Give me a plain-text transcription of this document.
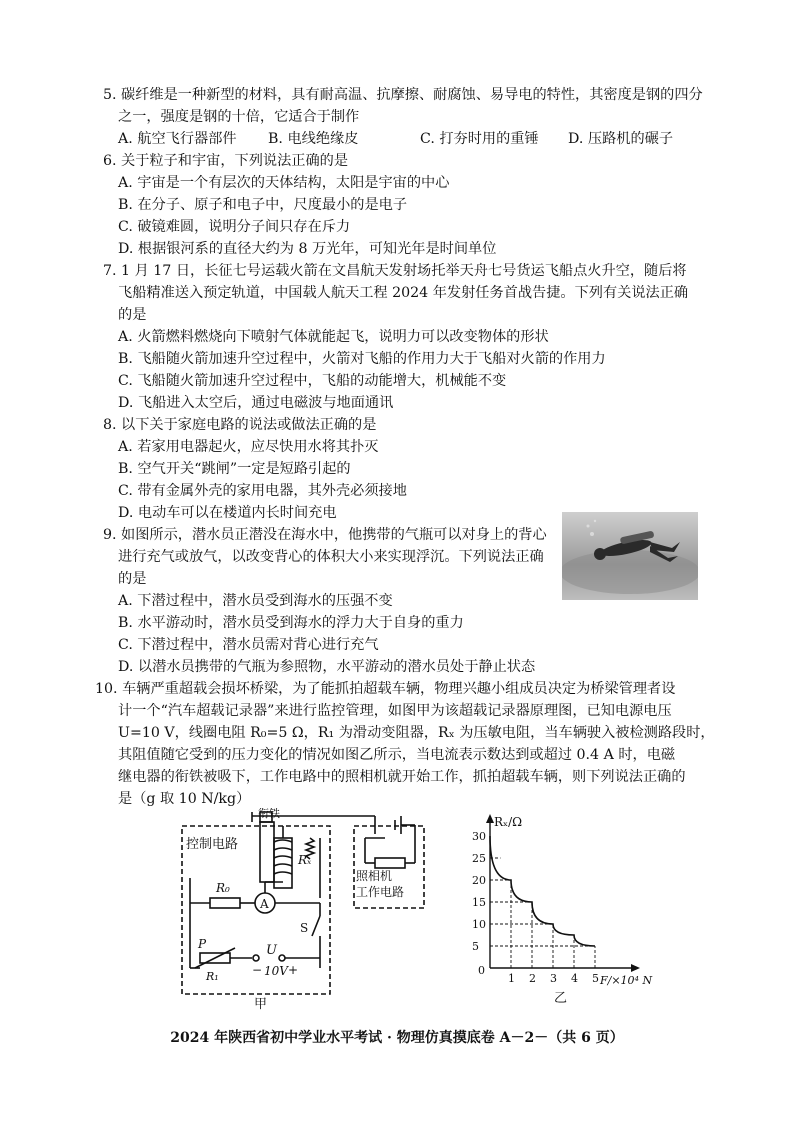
5. 碳纤维是一种新型的材料，具有耐高温、抗摩擦、耐腐蚀、易导电的特性，其密度是钢的四分
之一，强度是钢的十倍，它适合于制作
A. 航空飞行器部件 B. 电线绝缘皮	C. 打夯时用的重锤 D. 压路机的碾子
6. 关于粒子和宇宙，下列说法正确的是
A. 宇宙是一个有层次的天体结构，太阳是宇宙的中心
B. 在分子、原子和电子中，尺度最小的是电子
C. 破镜难圆，说明分子间只存在斥力
D. 根据银河系的直径大约为 8 万光年，可知光年是时间单位
7. 1 月 17 日，长征七号运载火箭在文昌航天发射场托举天舟七号货运飞船点火升空，随后将
飞船精准送入预定轨道，中国载人航天工程 2024 年发射任务首战告捷。下列有关说法正确
的是
A. 火箭燃料燃烧向下喷射气体就能起飞，说明力可以改变物体的形状
B. 飞船随火箭加速升空过程中，火箭对飞船的作用力大于飞船对火箭的作用力
C. 飞船随火箭加速升空过程中，飞船的动能增大，机械能不变
D. 飞船进入太空后，通过电磁波与地面通讯
8. 以下关于家庭电路的说法或做法正确的是
A. 若家用电器起火，应尽快用水将其扑灭
B. 空气开关“跳闸”一定是短路引起的
C. 带有金属外壳的家用电器，其外壳必须接地
D. 电动车可以在楼道内长时间充电
9. 如图所示，潜水员正潜没在海水中，他携带的气瓶可以对身上的背心
进行充气或放气，以改变背心的体积大小来实现浮沉。下列说法正确
的是
A. 下潜过程中，潜水员受到海水的压强不变
B. 水平游动时，潜水员受到海水的浮力大于自身的重力
C. 下潜过程中，潜水员需对背心进行充气
D. 以潜水员携带的气瓶为参照物，水平游动的潜水员处于静止状态
10. 车辆严重超载会损坏桥梁，为了能抓拍超载车辆，物理兴趣小组成员决定为桥梁管理者设
计一个“汽车超载记录器”来进行监控管理，如图甲为该超载记录器原理图，已知电源电压
U=10 V，线圈电阻 R₀=5 Ω，R₁ 为滑动变阻器，Rₓ 为压敏电阻，当车辆驶入被检测路段时，
其阻值随它受到的压力变化的情况如图乙所示，当电流表示数达到或超过 0.4 A 时，电磁
继电器的衔铁被吸下，工作电路中的照相机就开始工作，抓拍超载车辆，则下列说法正确的
是（g 取 10 N/kg）
衔铁
控制电路
照相机
工作电路
R₀
Rₓ
A
S
P
R₁
U
− +
10V
甲
1 2 3 4 5
5
10
15
20
25
30
Rₓ/Ω
F/×10⁴ N
0
乙
2024 年陕西省初中学业水平考试 · 物理仿真摸底卷 A－2－（共 6 页）
